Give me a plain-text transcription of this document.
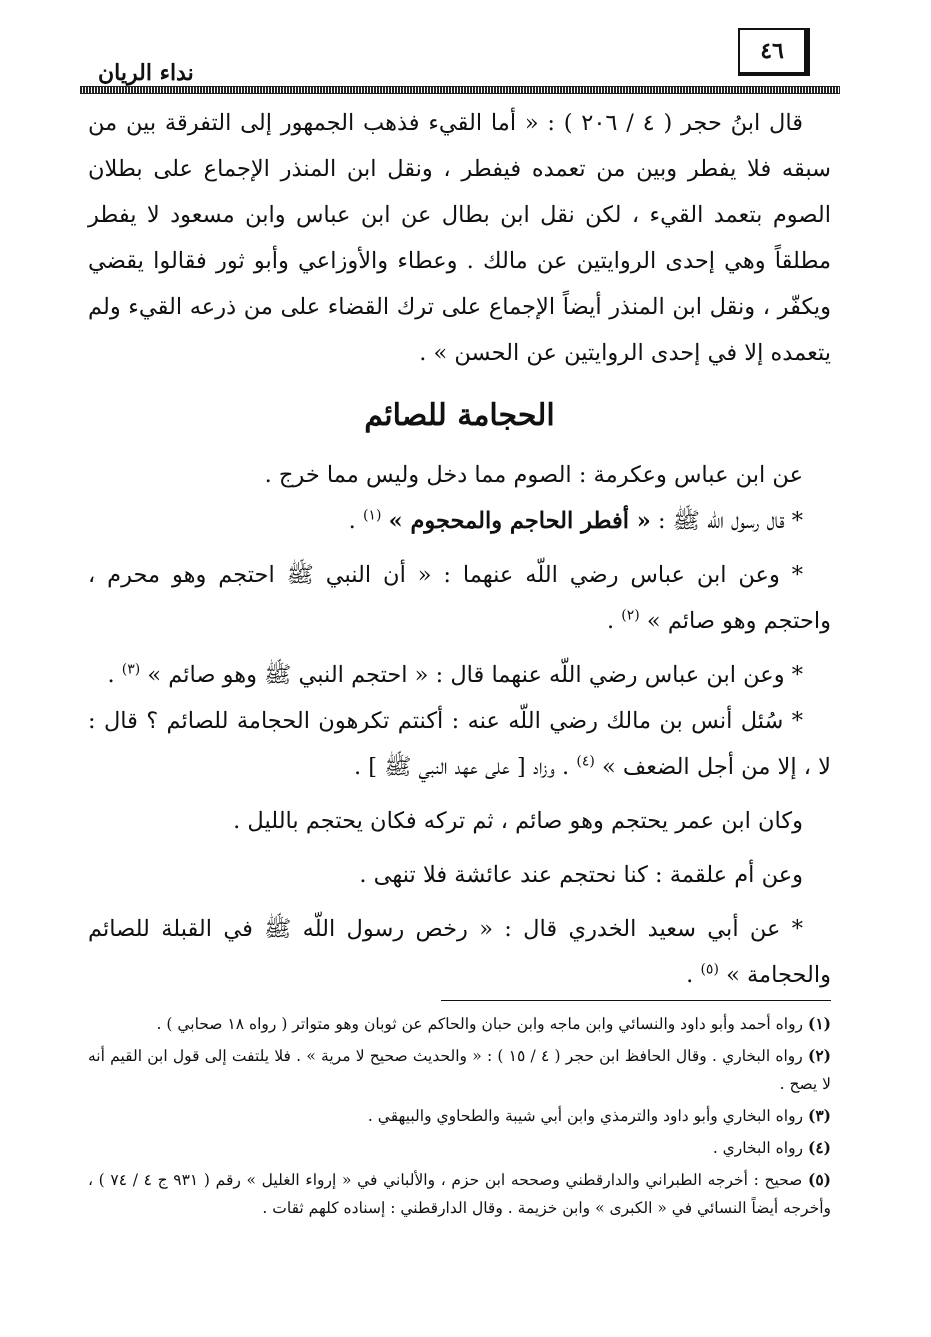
٤٦
نداء الريان

قال ابنُ حجر ( ٤ / ٢٠٦ ) : « أما القيء فذهب الجمهور إلى التفرقة بين من سبقه فلا يفطر وبين من تعمده فيفطر ، ونقل ابن المنذر الإجماع على بطلان الصوم بتعمد القيء ، لكن نقل ابن بطال عن ابن عباس وابن مسعود لا يفطر مطلقاً وهي إحدى الروايتين عن مالك . وعطاء والأوزاعي وأبو ثور فقالوا يقضي ويكفّر ، ونقل ابن المنذر أيضاً الإجماع على ترك القضاء على من ذرعه القيء ولم يتعمده إلا في إحدى الروايتين عن الحسن » .

الحجامة للصائم

عن ابن عباس وعكرمة : الصوم مما دخل وليس مما خرج .

* قال رسول اللّه ﷺ : « أفطر الحاجم والمحجوم » $^{(١)}$ .

* وعن ابن عباس رضي اللّه عنهما : « أن النبي ﷺ احتجم وهو محرم ، واحتجم وهو صائم » $^{(٢)}$ .

* وعن ابن عباس رضي اللّه عنهما قال : « احتجم النبي ﷺ وهو صائم » $^{(٣)}$ .

* سُئل أنس بن مالك رضي اللّه عنه : أكنتم تكرهون الحجامة للصائم ؟ قال : لا ، إلا من أجل الضعف » $^{(٤)}$ . وزاد [ على عهد النبي ﷺ ] .

وكان ابن عمر يحتجم وهو صائم ، ثم تركه فكان يحتجم بالليل .

وعن أم علقمة : كنا نحتجم عند عائشة فلا تنهى .

* عن أبي سعيد الخدري قال : « رخص رسول اللّه ﷺ في القبلة للصائم والحجامة » $^{(٥)}$ .

(١) رواه أحمد وأبو داود والنسائي وابن ماجه وابن حبان والحاكم عن ثوبان وهو متواتر ( رواه ١٨ صحابي ) .

(٢) رواه البخاري . وقال الحافظ ابن حجر ( ٤ / ١٥ ) : « والحديث صحيح لا مرية » . فلا يلتفت إلى قول ابن القيم أنه لا يصح .

(٣) رواه البخاري وأبو داود والترمذي وابن أبي شيبة والطحاوي والبيهقي .

(٤) رواه البخاري .

(٥) صحيح : أخرجه الطبراني والدارقطني وصححه ابن حزم ، والألباني في « إرواء الغليل » رقم ( ٩٣١ ج ٤ / ٧٤ ) ، وأخرجه أيضاً النسائي في « الكبرى » وابن خزيمة . وقال الدارقطني : إسناده كلهم ثقات .
